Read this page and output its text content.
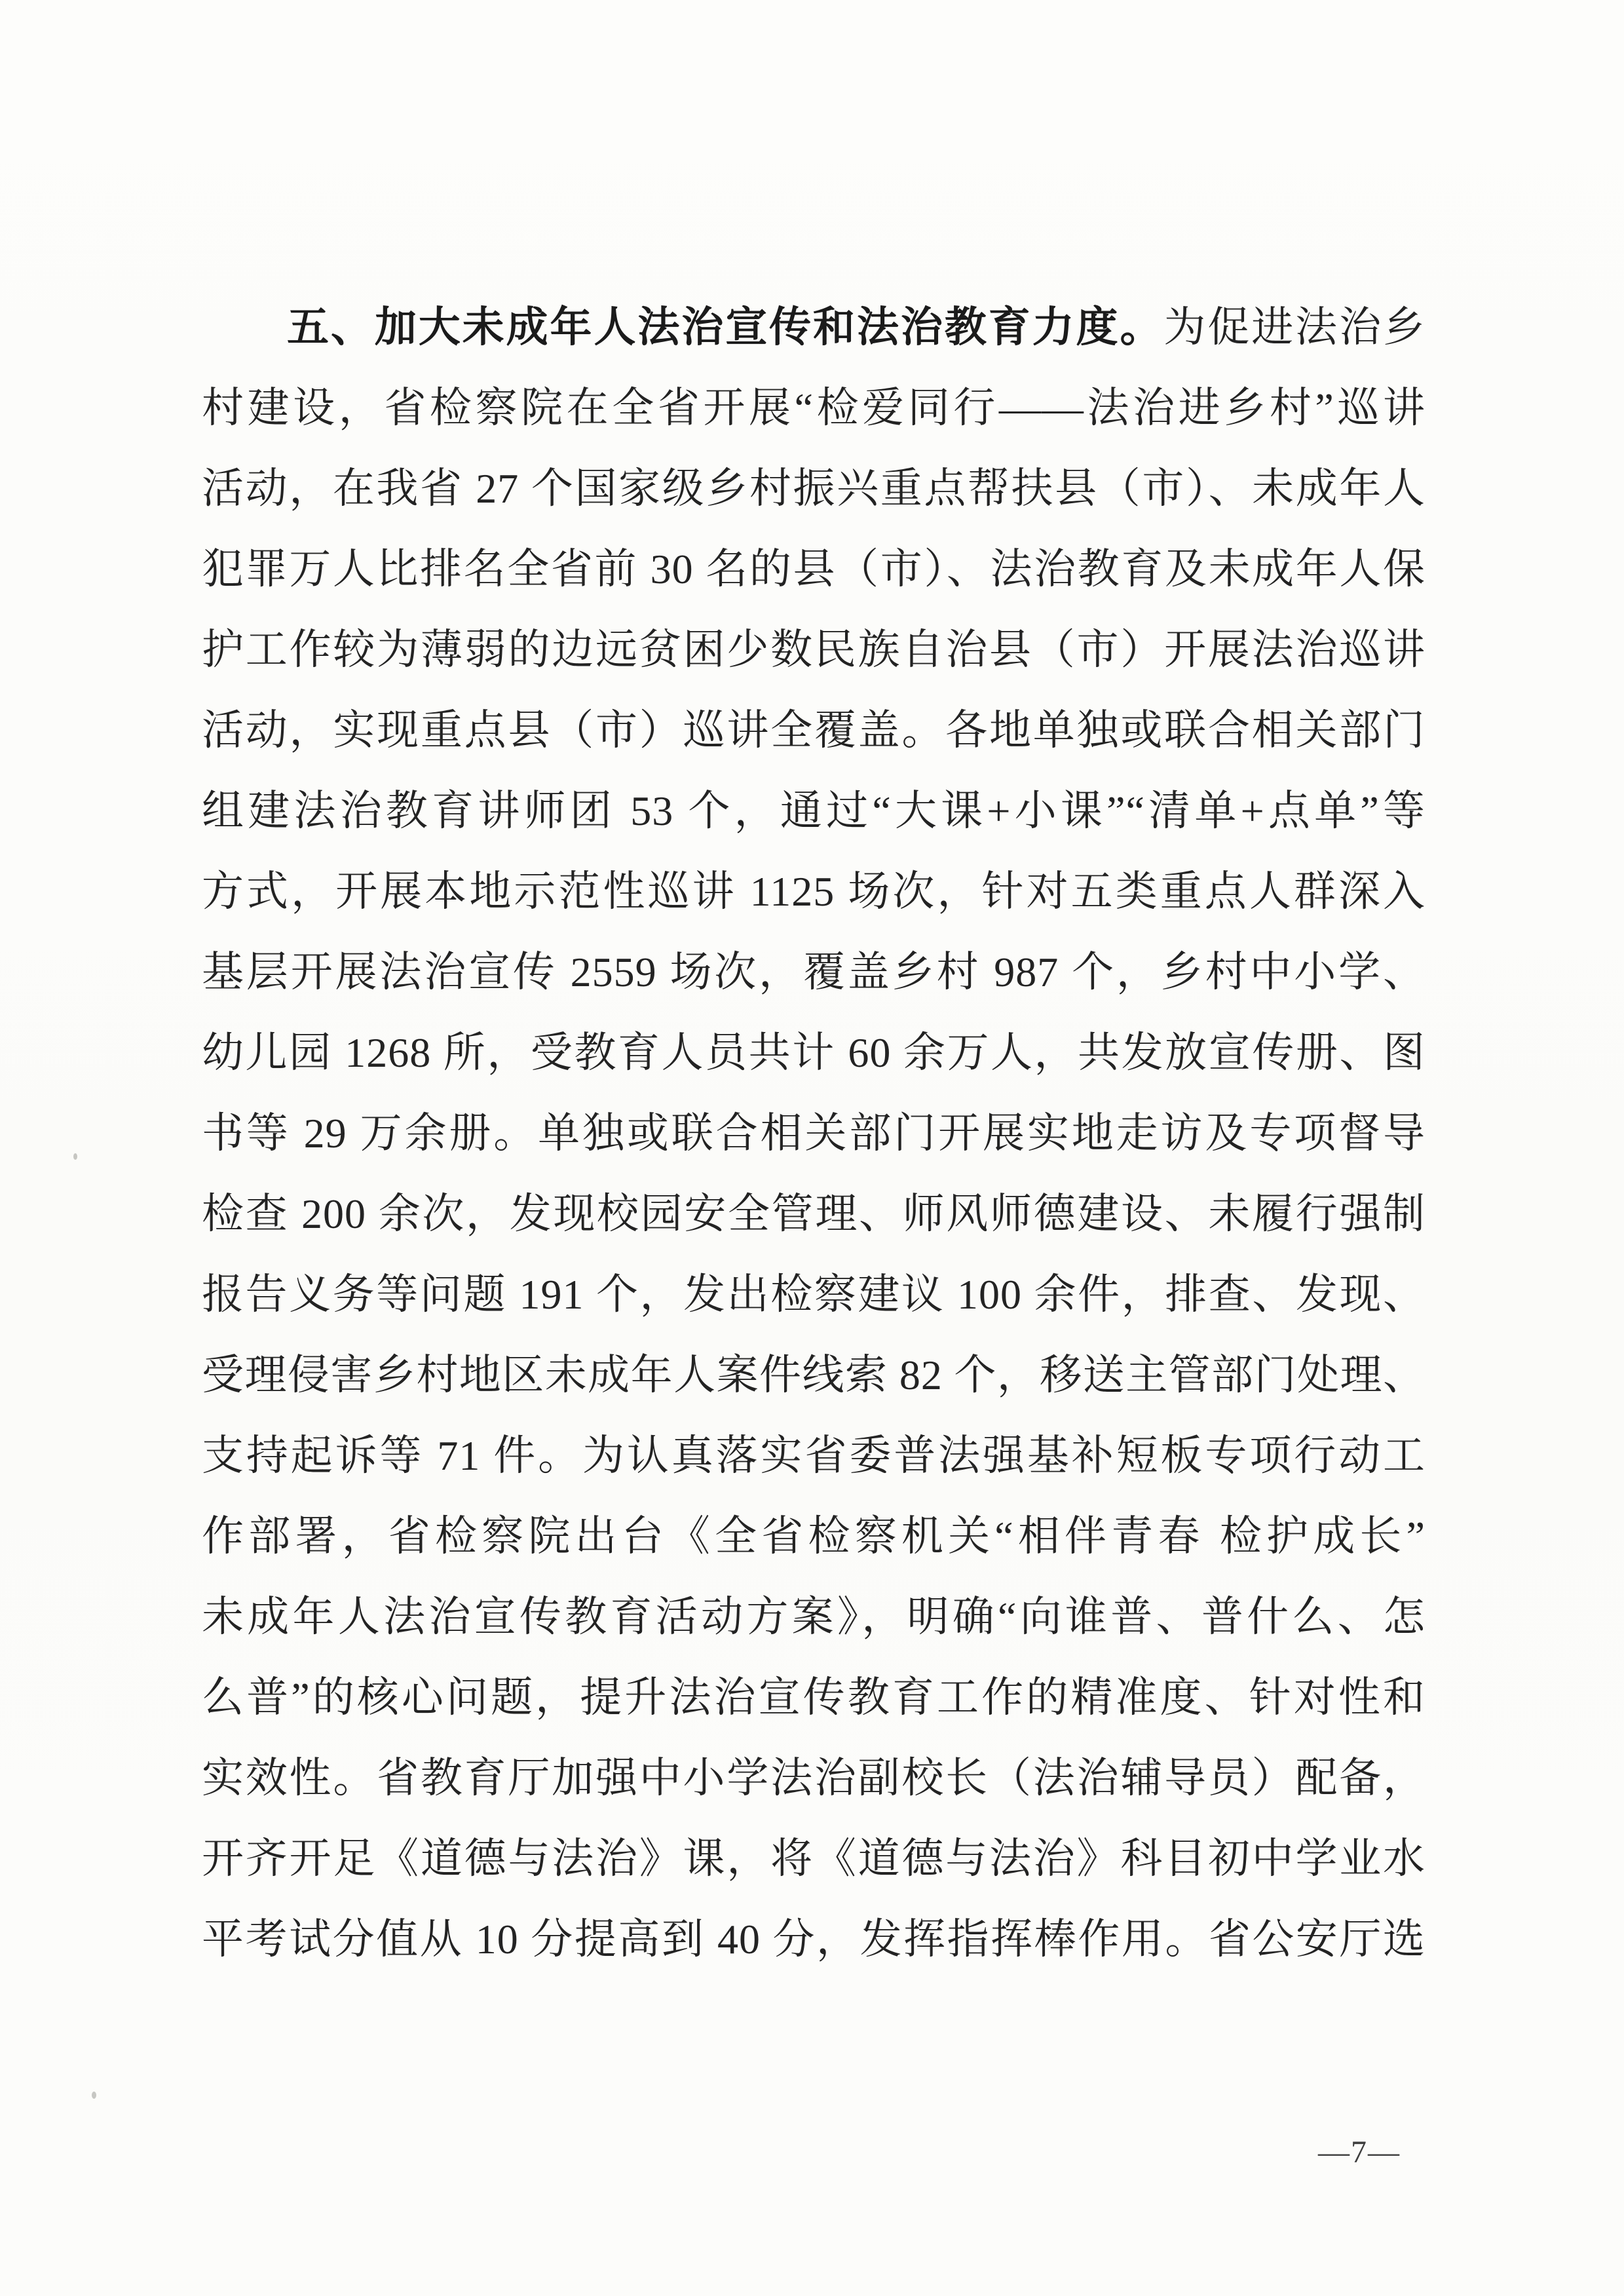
五、加大未成年人法治宣传和法治教育力度。为促进法治乡

村建设，省检察院在全省开展“检爱同行——法治进乡村”巡讲

活动，在我省 27 个国家级乡村振兴重点帮扶县（市）、未成年人

犯罪万人比排名全省前 30 名的县（市）、法治教育及未成年人保

护工作较为薄弱的边远贫困少数民族自治县（市）开展法治巡讲

活动，实现重点县（市）巡讲全覆盖。各地单独或联合相关部门

组建法治教育讲师团 53 个，通过“大课+小课”“清单+点单”等

方式，开展本地示范性巡讲 1125 场次，针对五类重点人群深入

基层开展法治宣传 2559 场次，覆盖乡村 987 个，乡村中小学、

幼儿园 1268 所，受教育人员共计 60 余万人，共发放宣传册、图

书等 29 万余册。单独或联合相关部门开展实地走访及专项督导

检查 200 余次，发现校园安全管理、师风师德建设、未履行强制

报告义务等问题 191 个，发出检察建议 100 余件，排查、发现、

受理侵害乡村地区未成年人案件线索 82 个，移送主管部门处理、

支持起诉等 71 件。为认真落实省委普法强基补短板专项行动工

作部署，省检察院出台《全省检察机关“相伴青春 检护成长”

未成年人法治宣传教育活动方案》，明确“向谁普、普什么、怎

么普”的核心问题，提升法治宣传教育工作的精准度、针对性和

实效性。省教育厅加强中小学法治副校长（法治辅导员）配备，

开齐开足《道德与法治》课，将《道德与法治》科目初中学业水

平考试分值从 10 分提高到 40 分，发挥指挥棒作用。省公安厅选

—7—
